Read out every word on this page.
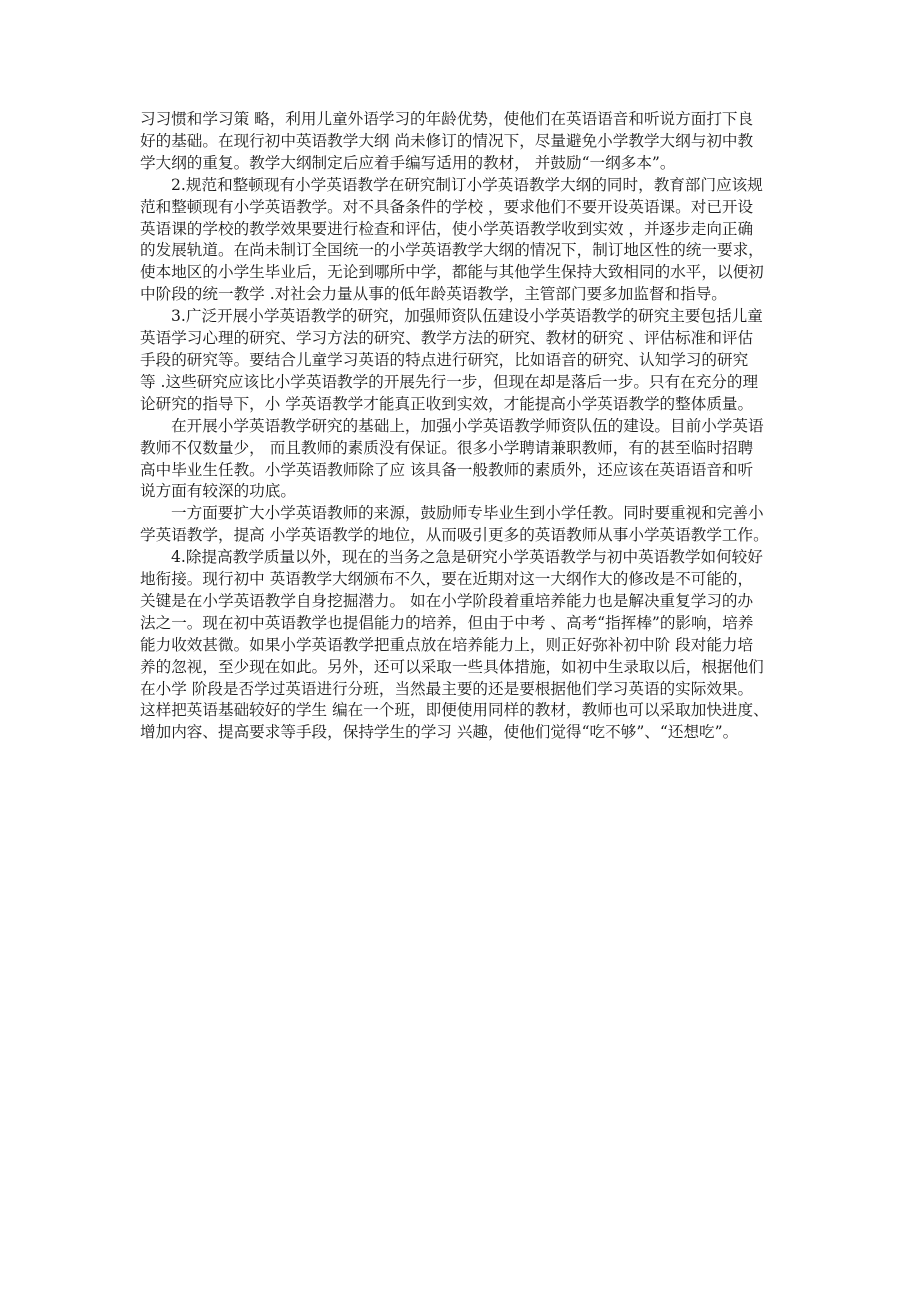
习习惯和学习策 略，利用儿童外语学习的年龄优势，使他们在英语语音和听说方面打下良
好的基础。在现行初中英语教学大纲 尚未修订的情况下，尽量避免小学教学大纲与初中教
学大纲的重复。教学大纲制定后应着手编写适用的教材， 并鼓励“一纲多本”。
2.规范和整顿现有小学英语教学在研究制订小学英语教学大纲的同时，教育部门应该规
范和整顿现有小学英语教学。对不具备条件的学校 ，要求他们不要开设英语课。对已开设
英语课的学校的教学效果要进行检查和评估，使小学英语教学收到实效 ，并逐步走向正确
的发展轨道。在尚未制订全国统一的小学英语教学大纲的情况下，制订地区性的统一要求，
使本地区的小学生毕业后，无论到哪所中学，都能与其他学生保持大致相同的水平，以便初
中阶段的统一教学 .对社会力量从事的低年龄英语教学，主管部门要多加监督和指导。
3.广泛开展小学英语教学的研究，加强师资队伍建设小学英语教学的研究主要包括儿童
英语学习心理的研究、学习方法的研究、教学方法的研究、教材的研究 、评估标准和评估
手段的研究等。要结合儿童学习英语的特点进行研究，比如语音的研究、认知学习的研究
等 .这些研究应该比小学英语教学的开展先行一步，但现在却是落后一步。只有在充分的理
论研究的指导下，小 学英语教学才能真正收到实效，才能提高小学英语教学的整体质量。
在开展小学英语教学研究的基础上，加强小学英语教学师资队伍的建设。目前小学英语
教师不仅数量少， 而且教师的素质没有保证。很多小学聘请兼职教师，有的甚至临时招聘
高中毕业生任教。小学英语教师除了应 该具备一般教师的素质外，还应该在英语语音和听
说方面有较深的功底。
一方面要扩大小学英语教师的来源，鼓励师专毕业生到小学任教。同时要重视和完善小
学英语教学，提高 小学英语教学的地位，从而吸引更多的英语教师从事小学英语教学工作。
4.除提高教学质量以外，现在的当务之急是研究小学英语教学与初中英语教学如何较好
地衔接。现行初中 英语教学大纲颁布不久，要在近期对这一大纲作大的修改是不可能的，
关键是在小学英语教学自身挖掘潜力。 如在小学阶段着重培养能力也是解决重复学习的办
法之一。现在初中英语教学也提倡能力的培养，但由于中考 、高考“指挥棒”的影响，培养
能力收效甚微。如果小学英语教学把重点放在培养能力上，则正好弥补初中阶 段对能力培
养的忽视，至少现在如此。另外，还可以采取一些具体措施，如初中生录取以后，根据他们
在小学 阶段是否学过英语进行分班，当然最主要的还是要根据他们学习英语的实际效果。
这样把英语基础较好的学生 编在一个班，即便使用同样的教材，教师也可以采取加快进度、
增加内容、提高要求等手段，保持学生的学习 兴趣，使他们觉得“吃不够”、“还想吃”。
